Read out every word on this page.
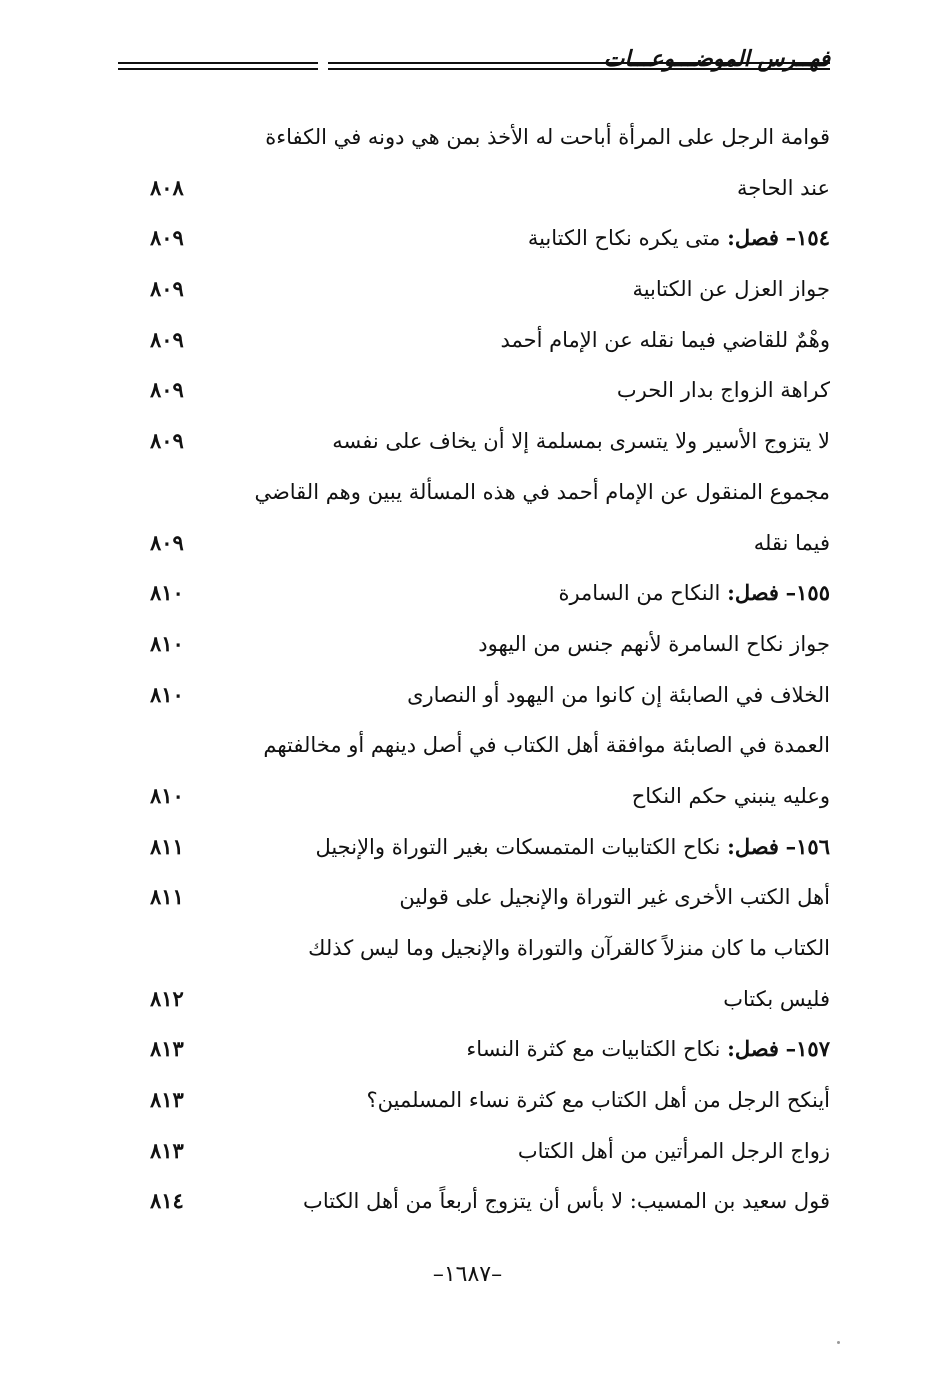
فهــرس الموضـــوعـــات
قوامة الرجل على المرأة أباحت له الأخذ بمن هي دونه في الكفاءة
عند الحاجة
٨٠٨
١٥٤– فصل: متى يكره نكاح الكتابية
٨٠٩
جواز العزل عن الكتابية
٨٠٩
وهْمٌ للقاضي فيما نقله عن الإمام أحمد
٨٠٩
كراهة الزواج بدار الحرب
٨٠٩
لا يتزوج الأسير ولا يتسرى بمسلمة إلا أن يخاف على نفسه
٨٠٩
مجموع المنقول عن الإمام أحمد في هذه المسألة يبين وهم القاضي
فيما نقله
٨٠٩
١٥٥– فصل: النكاح من السامرة
٨١٠
جواز نكاح السامرة لأنهم جنس من اليهود
٨١٠
الخلاف في الصابئة إن كانوا من اليهود أو النصارى
٨١٠
العمدة في الصابئة موافقة أهل الكتاب في أصل دينهم أو مخالفتهم
وعليه ينبني حكم النكاح
٨١٠
١٥٦– فصل: نكاح الكتابيات المتمسكات بغير التوراة والإنجيل
٨١١
أهل الكتب الأخرى غير التوراة والإنجيل على قولين
٨١١
الكتاب ما كان منزلاً كالقرآن والتوراة والإنجيل وما ليس كذلك
فليس بكتاب
٨١٢
١٥٧– فصل: نكاح الكتابيات مع كثرة النساء
٨١٣
أينكح الرجل من أهل الكتاب مع كثرة نساء المسلمين؟
٨١٣
زواج الرجل المرأتين من أهل الكتاب
٨١٣
قول سعيد بن المسيب: لا بأس أن يتزوج أربعاً من أهل الكتاب
٨١٤
–١٦٨٧–
